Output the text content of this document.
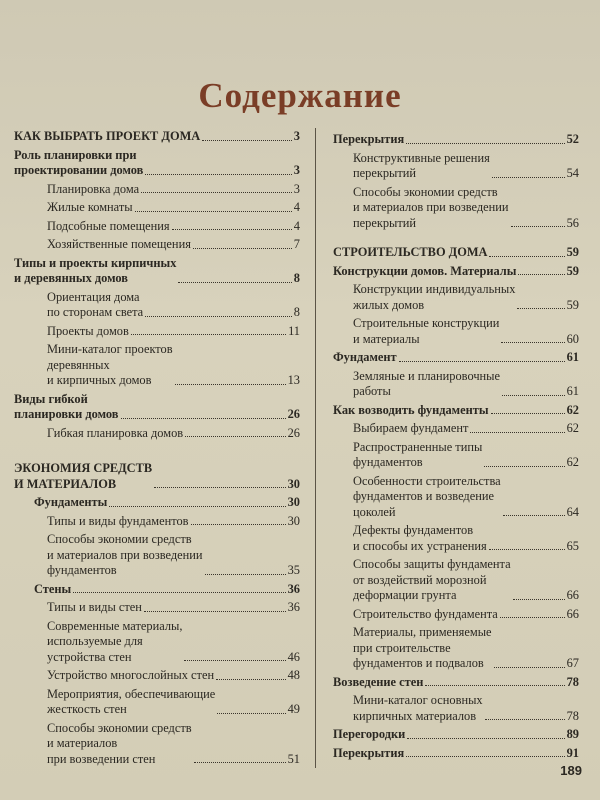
Содержание
КАК ВЫБРАТЬ ПРОЕКТ ДОМА	3
Роль планировки при
проектировании домов	3
Планировка дома	3
Жилые комнаты	4
Подсобные помещения	4
Хозяйственные помещения	7
Типы и проекты кирпичных
и деревянных домов	8
Ориентация дома
по сторонам света	8
Проекты домов	11
Мини-каталог проектов
деревянных
и кирпичных домов	13
Виды гибкой
планировки домов	26
Гибкая планировка домов	26
ЭКОНОМИЯ СРЕДСТВ
И МАТЕРИАЛОВ	30
Фундаменты	30
Типы и виды фундаментов	30
Способы экономии средств
и материалов при возведении
фундаментов	35
Стены	36
Типы и виды стен	36
Современные материалы,
используемые для
устройства стен	46
Устройство многослойных стен	48
Мероприятия, обеспечивающие
жесткость стен	49
Способы экономии средств
и материалов
при возведении стен	51
Перекрытия	52
Конструктивные решения
перекрытий	54
Способы экономии средств
и материалов при возведении
перекрытий	56
СТРОИТЕЛЬСТВО ДОМА	59
Конструкции домов. Материалы	59
Конструкции индивидуальных
жилых домов	59
Строительные конструкции
и материалы	60
Фундамент	61
Земляные и планировочные
работы	61
Как возводить фундаменты	62
Выбираем фундамент	62
Распространенные типы
фундаментов	62
Особенности строительства
фундаментов и возведение
цоколей	64
Дефекты фундаментов
и способы их устранения	65
Способы защиты фундамента
от воздействий морозной
деформации грунта	66
Строительство фундамента	66
Материалы, применяемые
при строительстве
фундаментов и подвалов	67
Возведение стен	78
Мини-каталог основных
кирпичных материалов	78
Перегородки	89
Перекрытия	91
189
